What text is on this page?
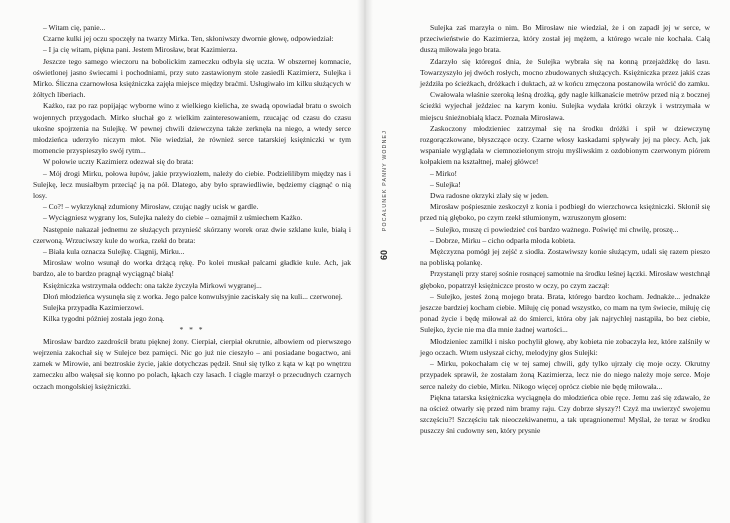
– Witam cię, panie...

Czarne kulki jej oczu spoczęły na twarzy Mirka. Ten, skłoniwszy dwornie głowę, odpowiedział:

– I ja cię witam, piękna pani. Jestem Mirosław, brat Kazimierza.

Jeszcze tego samego wieczoru na bobolickim zameczku odbyła się uczta. W obszernej komnacie, oświetlonej jasno świecami i pochodniami, przy suto zastawionym stole zasiedli Kazimierz, Sulejka i Mirko. Śliczna czarnowłosa księżniczka zajęła miejsce między braćmi. Usługiwało im kilku służących w żółtych liberiach.

Każko, raz po raz popijając wyborne wino z wielkiego kielicha, ze swadą opowiadał bratu o swoich wojennych przygodach. Mirko słuchał go z wielkim zainteresowaniem, rzucając od czasu do czasu ukośne spojrzenia na Sulejkę. W pewnej chwili dziewczyna także zerknęła na niego, a wtedy serce młodzieńca uderzyło niczym młot. Nie wiedział, że również serce tatarskiej księżniczki w tym momencie przyspieszyło swój rytm...

W połowie uczty Kazimierz odezwał się do brata:

– Mój drogi Mirku, połowa łupów, jakie przywiozłem, należy do ciebie. Podzielilibym między nas i Sulejkę, lecz musiałbym przeciąć ją na pół. Dlatego, aby było sprawiedliwie, będziemy ciągnąć o nią losy.

– Co?! – wykrzyknął zdumiony Mirosław, czując nagły ucisk w gardle.

– Wyciągniesz wygrany los, Sulejka należy do ciebie – oznajmił z uśmiechem Każko.

Następnie nakazał jednemu ze służących przynieść skórzany worek oraz dwie szklane kule, białą i czerwoną. Wrzuciwszy kule do worka, rzekł do brata:

– Biała kula oznacza Sulejkę. Ciągnij, Mirku...

Mirosław wolno wsunął do worka drżącą rękę. Po kolei muskał palcami gładkie kule. Ach, jak bardzo, ale to bardzo pragnął wyciągnąć białą!

Księżniczka wstrzymała oddech: ona także życzyła Mirkowi wygranej...

Dłoń młodzieńca wysunęła się z worka. Jego palce konwulsyjnie zaciskały się na kuli... czerwonej.

Sulejka przypadła Kazimierzowi.

Kilka tygodni później została jego żoną.

* * *

Mirosław bardzo zazdrościł bratu pięknej żony. Cierpiał, cierpiał okrutnie, albowiem od pierwszego wejrzenia zakochał się w Sulejce bez pamięci. Nic go już nie cieszyło – ani posiadane bogactwo, ani zamek w Mirowie, ani beztroskie życie, jakie dotychczas pędził. Snuł się tylko z kąta w kąt po wnętrzu zameczku albo wałęsał się konno po polach, łąkach czy lasach. I ciągle marzył o przecudnych czarnych oczach mongolskiej księżniczki.

Sulejka zaś marzyła o nim. Bo Mirosław nie wiedział, że i on zapadł jej w serce, w przeciwieństwie do Kazimierza, który został jej mężem, a którego wcale nie kochała. Całą duszą miłowała jego brata.

Zdarzyło się któregoś dnia, że Sulejka wybrała się na konną przejażdżkę do lasu. Towarzyszyło jej dwóch rosłych, mocno zbudowanych służących. Księżniczka przez jakiś czas jeździła po ścieżkach, dróżkach i duktach, aż w końcu zmęczona postanowiła wrócić do zamku.

Cwałowała właśnie szeroką leśną drożką, gdy nagle kilkanaście metrów przed nią z bocznej ścieżki wyjechał jeździec na karym koniu. Sulejka wydała krótki okrzyk i wstrzymała w miejscu śnieżnobiałą klacz. Poznała Mirosława.

Zaskoczony młodzieniec zatrzymał się na środku dróżki i spił w dziewczynę rozgorączkowane, błyszczące oczy. Czarne włosy kaskadami spływały jej na plecy. Ach, jak wspaniale wyglądała w ciemnozielonym stroju myśliwskim z ozdobionym czerwonym piórem kołpakiem na kształtnej, małej główce!

– Mirko!

– Sulejka!

Dwa radosne okrzyki zlały się w jeden.

Mirosław pośpiesznie zeskoczył z konia i podbiegł do wierzchowca księżniczki. Skłonił się przed nią głęboko, po czym rzekł stłumionym, wzruszonym głosem:

– Sulejko, muszę ci powiedzieć coś bardzo ważnego. Poświęć mi chwilę, proszę...

– Dobrze, Mirku – cicho odparła młoda kobieta.

Mężczyzna pomógł jej zejść z siodła. Zostawiwszy konie służącym, udali się razem pieszo na pobliską polankę.

Przystanęli przy starej sośnie rosnącej samotnie na środku leśnej łączki. Mirosław westchnął głęboko, popatrzył księżniczce prosto w oczy, po czym zaczął:

– Sulejko, jesteś żoną mojego brata. Brata, którego bardzo kocham. Jednakże... jednakże jeszcze bardziej kocham ciebie. Miłuję cię ponad wszystko, co mam na tym świecie, miłuję cię ponad życie i będę miłował aż do śmierci, która oby jak najrychlej nastąpiła, bo bez ciebie, Sulejko, życie nie ma dla mnie żadnej wartości...

Młodzieniec zamilkł i nisko pochylił głowę, aby kobieta nie zobaczyła łez, które zalśniły w jego oczach. Wtem usłyszał cichy, melodyjny głos Sulejki:

– Mirku, pokochałam cię w tej samej chwili, gdy tylko ujrzały cię moje oczy. Okrutny przypadek sprawił, że zostałam żoną Kazimierza, lecz nie do niego należy moje serce. Moje serce należy do ciebie, Mirku. Nikogo więcej oprócz ciebie nie będę miłowała...

Piękna tatarska księżniczka wyciągnęła do młodzieńca obie ręce. Jemu zaś się zdawało, że na oścież otwarły się przed nim bramy raju. Czy dobrze słyszy?! Czyż ma uwierzyć swojemu szczęściu?! Szczęściu tak nieoczekiwanemu, a tak upragnionemu! Myślał, że teraz w środku puszczy śni cudowny sen, który prysnie

POCAŁUNEK PANNY WODNEJ
60
